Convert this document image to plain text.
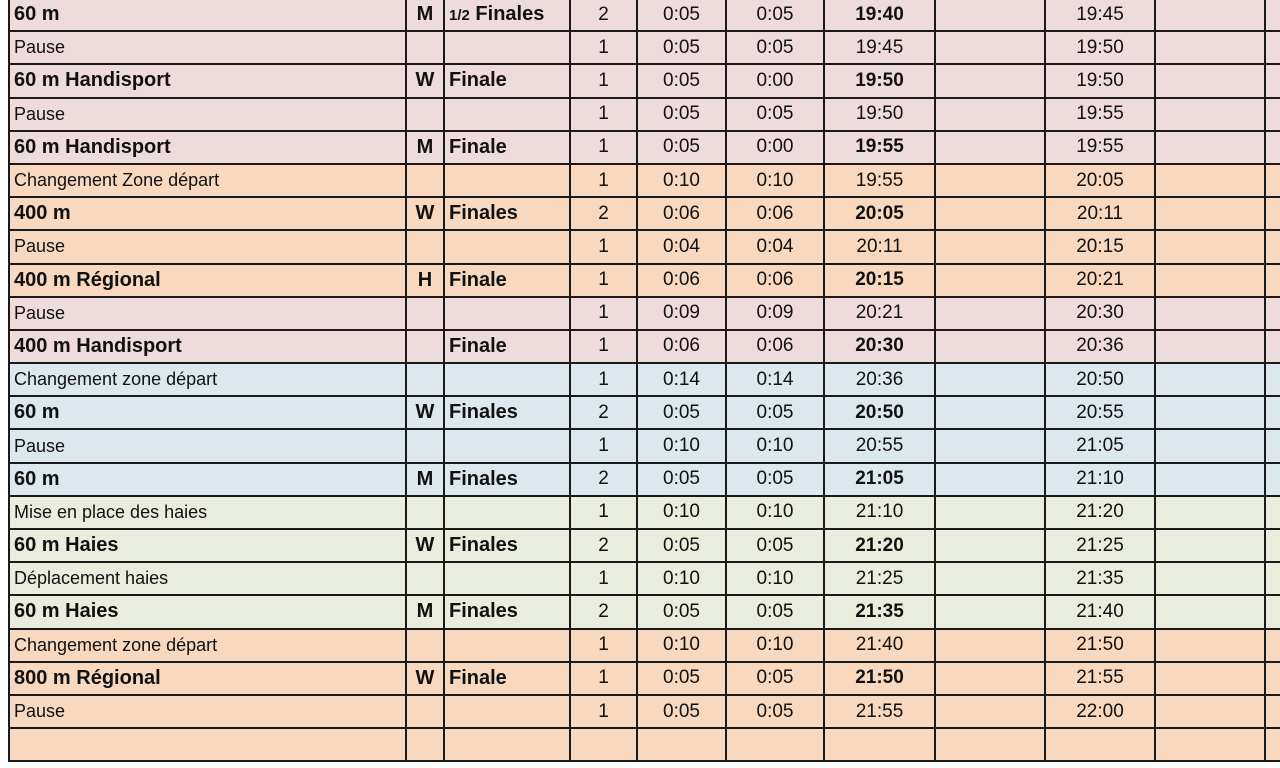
60 m	M	1/2 Finales	2	0:05	0:05	19:40		19:45		
Pause			1	0:05	0:05	19:45		19:50		
60 m Handisport	W	Finale	1	0:05	0:00	19:50		19:50		
Pause			1	0:05	0:05	19:50		19:55		
60 m Handisport	M	Finale	1	0:05	0:00	19:55		19:55		
Changement Zone départ			1	0:10	0:10	19:55		20:05		
400 m	W	Finales	2	0:06	0:06	20:05		20:11		
Pause			1	0:04	0:04	20:11		20:15		
400 m Régional	H	Finale	1	0:06	0:06	20:15		20:21		
Pause			1	0:09	0:09	20:21		20:30		
400 m Handisport		Finale	1	0:06	0:06	20:30		20:36		
Changement zone départ			1	0:14	0:14	20:36		20:50		
60 m	W	Finales	2	0:05	0:05	20:50		20:55		
Pause			1	0:10	0:10	20:55		21:05		
60 m	M	Finales	2	0:05	0:05	21:05		21:10		
Mise en place des haies			1	0:10	0:10	21:10		21:20		
60 m Haies	W	Finales	2	0:05	0:05	21:20		21:25		
Déplacement haies			1	0:10	0:10	21:25		21:35		
60 m Haies	M	Finales	2	0:05	0:05	21:35		21:40		
Changement zone départ			1	0:10	0:10	21:40		21:50		
800 m Régional	W	Finale	1	0:05	0:05	21:50		21:55		
Pause			1	0:05	0:05	21:55		22:00		
